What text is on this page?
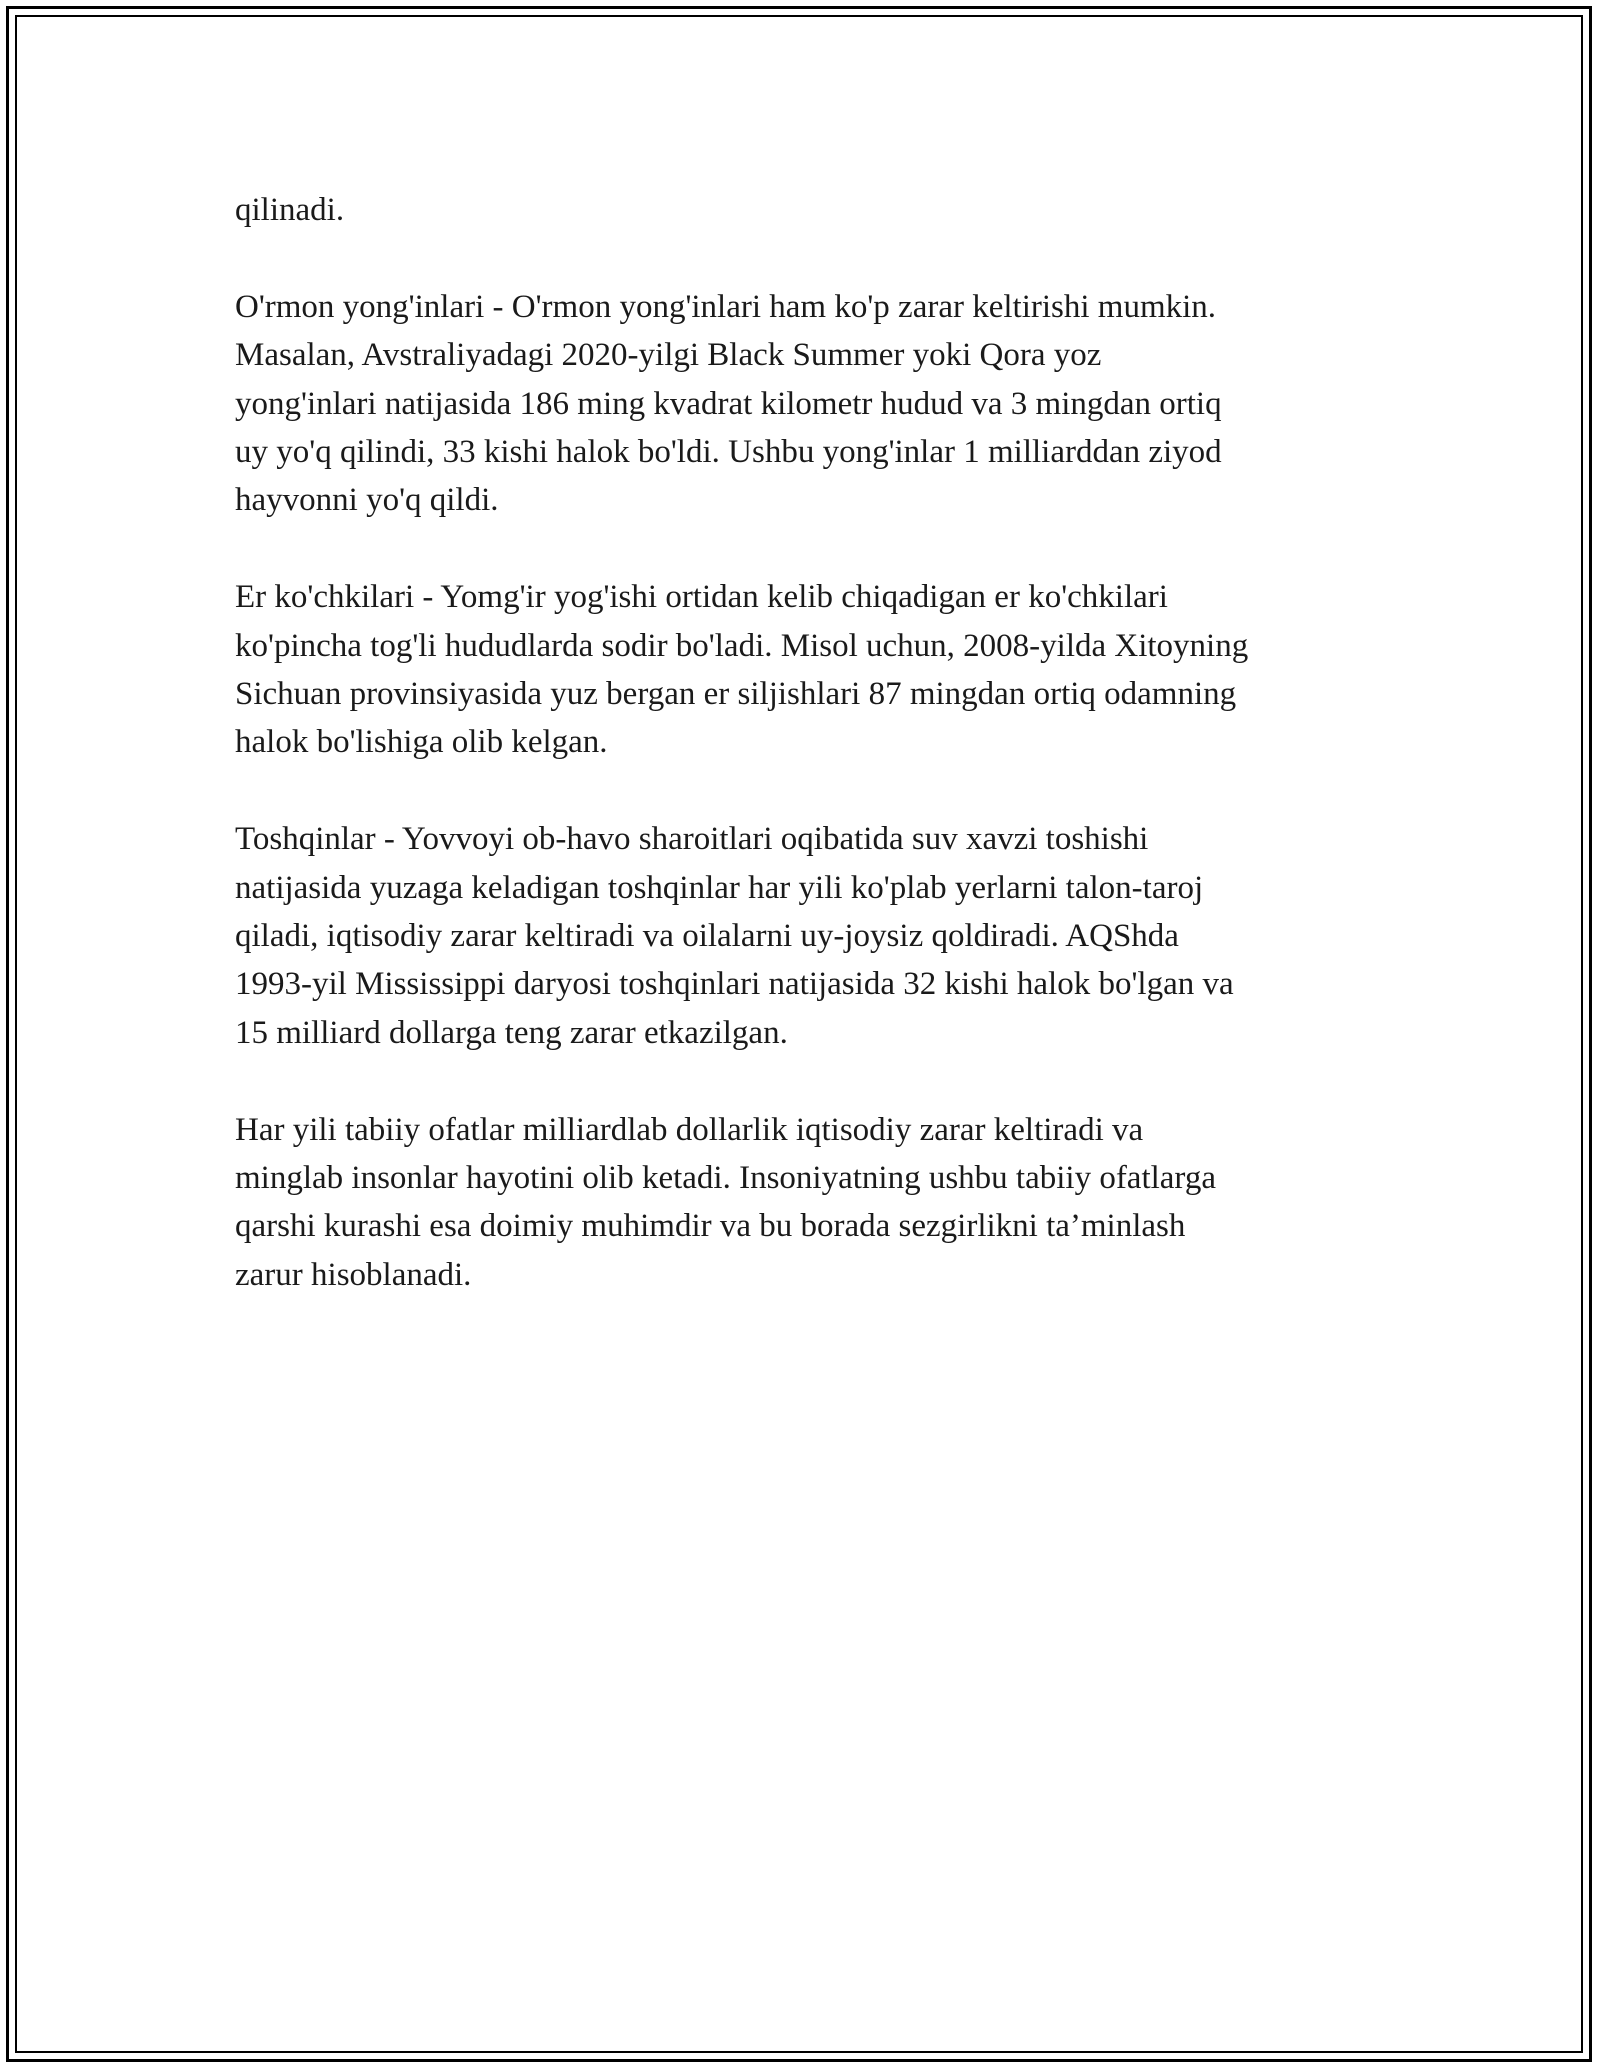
qilinadi.

O'rmon yong'inlari - O'rmon yong'inlari ham ko'p zarar keltirishi mumkin.
Masalan, Avstraliyadagi 2020-yilgi Black Summer yoki Qora yoz
yong'inlari natijasida 186 ming kvadrat kilometr hudud va 3 mingdan ortiq
uy yo'q qilindi, 33 kishi halok bo'ldi. Ushbu yong'inlar 1 milliarddan ziyod
hayvonni yo'q qildi.

Er ko'chkilari - Yomg'ir yog'ishi ortidan kelib chiqadigan er ko'chkilari
ko'pincha tog'li hududlarda sodir bo'ladi. Misol uchun, 2008-yilda Xitoyning
Sichuan provinsiyasida yuz bergan er siljishlari 87 mingdan ortiq odamning
halok bo'lishiga olib kelgan.

Toshqinlar - Yovvoyi ob-havo sharoitlari oqibatida suv xavzi toshishi
natijasida yuzaga keladigan toshqinlar har yili ko'plab yerlarni talon-taroj
qiladi, iqtisodiy zarar keltiradi va oilalarni uy-joysiz qoldiradi. AQShda
1993-yil Mississippi daryosi toshqinlari natijasida 32 kishi halok bo'lgan va
15 milliard dollarga teng zarar etkazilgan.

Har yili tabiiy ofatlar milliardlab dollarlik iqtisodiy zarar keltiradi va
minglab insonlar hayotini olib ketadi. Insoniyatning ushbu tabiiy ofatlarga
qarshi kurashi esa doimiy muhimdir va bu borada sezgirlikni ta’minlash
zarur hisoblanadi.
